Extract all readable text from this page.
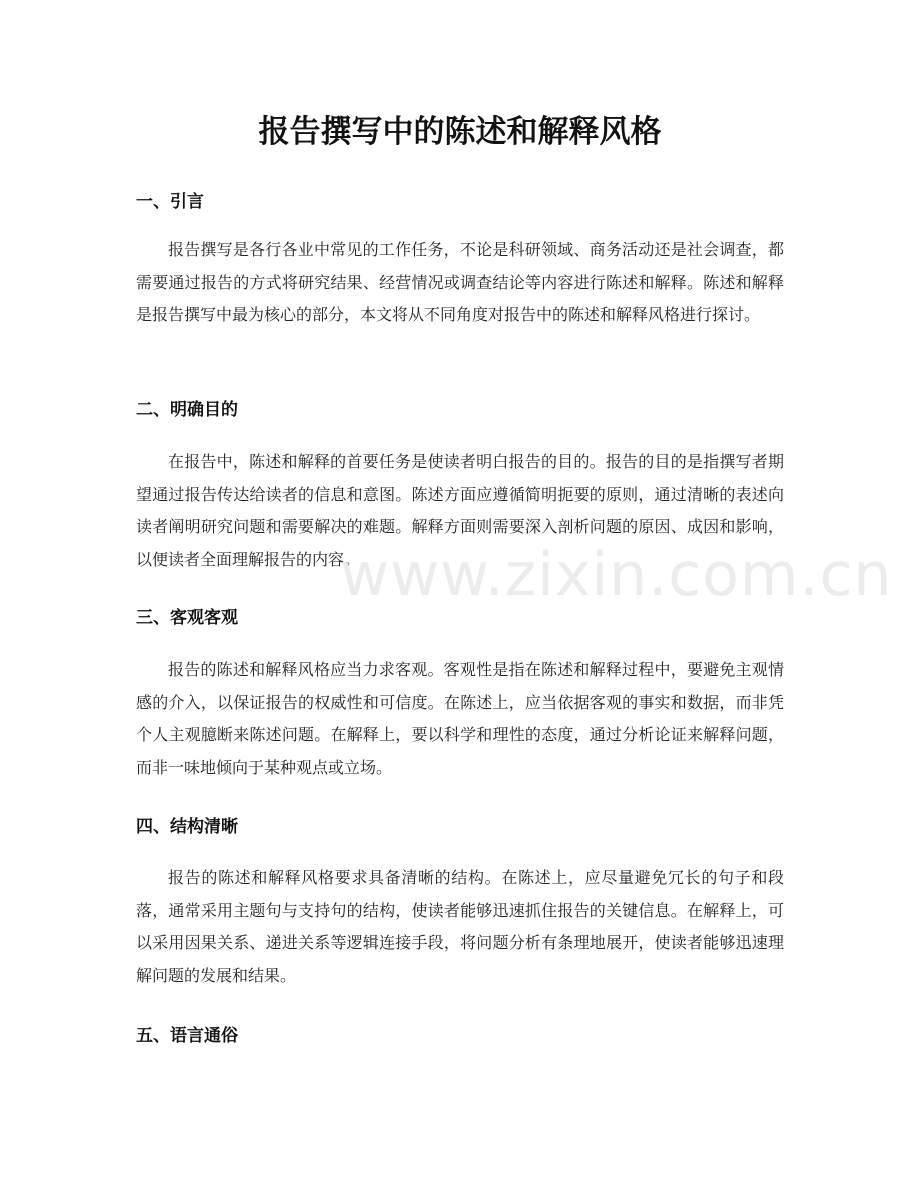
报告撰写中的陈述和解释风格
一、引言

报告撰写是各行各业中常见的工作任务，不论是科研领域、商务活动还是社会调查，都需要通过报告的方式将研究结果、经营情况或调查结论等内容进行陈述和解释。陈述和解释是报告撰写中最为核心的部分，本文将从不同角度对报告中的陈述和解释风格进行探讨。

二、明确目的

在报告中，陈述和解释的首要任务是使读者明白报告的目的。报告的目的是指撰写者期望通过报告传达给读者的信息和意图。陈述方面应遵循简明扼要的原则，通过清晰的表述向读者阐明研究问题和需要解决的难题。解释方面则需要深入剖析问题的原因、成因和影响，以便读者全面理解报告的内容。

三、客观客观

报告的陈述和解释风格应当力求客观。客观性是指在陈述和解释过程中，要避免主观情感的介入，以保证报告的权威性和可信度。在陈述上，应当依据客观的事实和数据，而非凭个人主观臆断来陈述问题。在解释上，要以科学和理性的态度，通过分析论证来解释问题，而非一味地倾向于某种观点或立场。

四、结构清晰

报告的陈述和解释风格要求具备清晰的结构。在陈述上，应尽量避免冗长的句子和段落，通常采用主题句与支持句的结构，使读者能够迅速抓住报告的关键信息。在解释上，可以采用因果关系、递进关系等逻辑连接手段，将问题分析有条理地展开，使读者能够迅速理解问题的发展和结果。

五、语言通俗
www.zixin.com.cn
